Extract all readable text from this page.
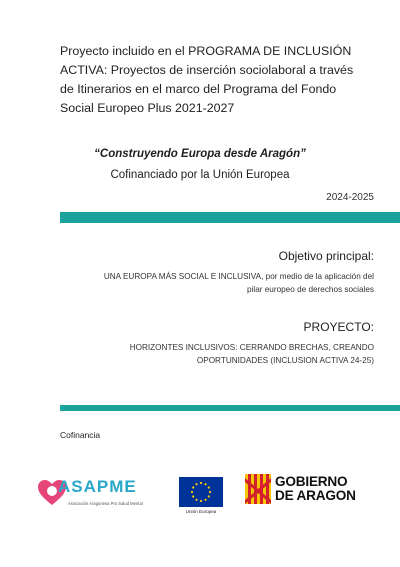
Proyecto incluido en el PROGRAMA DE INCLUSIÓN
ACTIVA: Proyectos de inserción sociolaboral a través
de Itinerarios en el marco del Programa del Fondo
Social Europeo Plus 2021-2027
“Construyendo Europa desde Aragón”
Cofinanciado por la Unión Europea
2024-2025
Objetivo principal:
UNA EUROPA MÁS SOCIAL E INCLUSIVA, por medio de la aplicación del
pilar europeo de derechos sociales
PROYECTO:
HORIZONTES INCLUSIVOS: CERRANDO BRECHAS, CREANDO
OPORTUNIDADES (INCLUSION ACTIVA 24-25)
Cofinancia
ASAPME
Asociación Aragonesa Pro Salud Mental
Unión Europea
GOBIERNO
DE ARAGON
